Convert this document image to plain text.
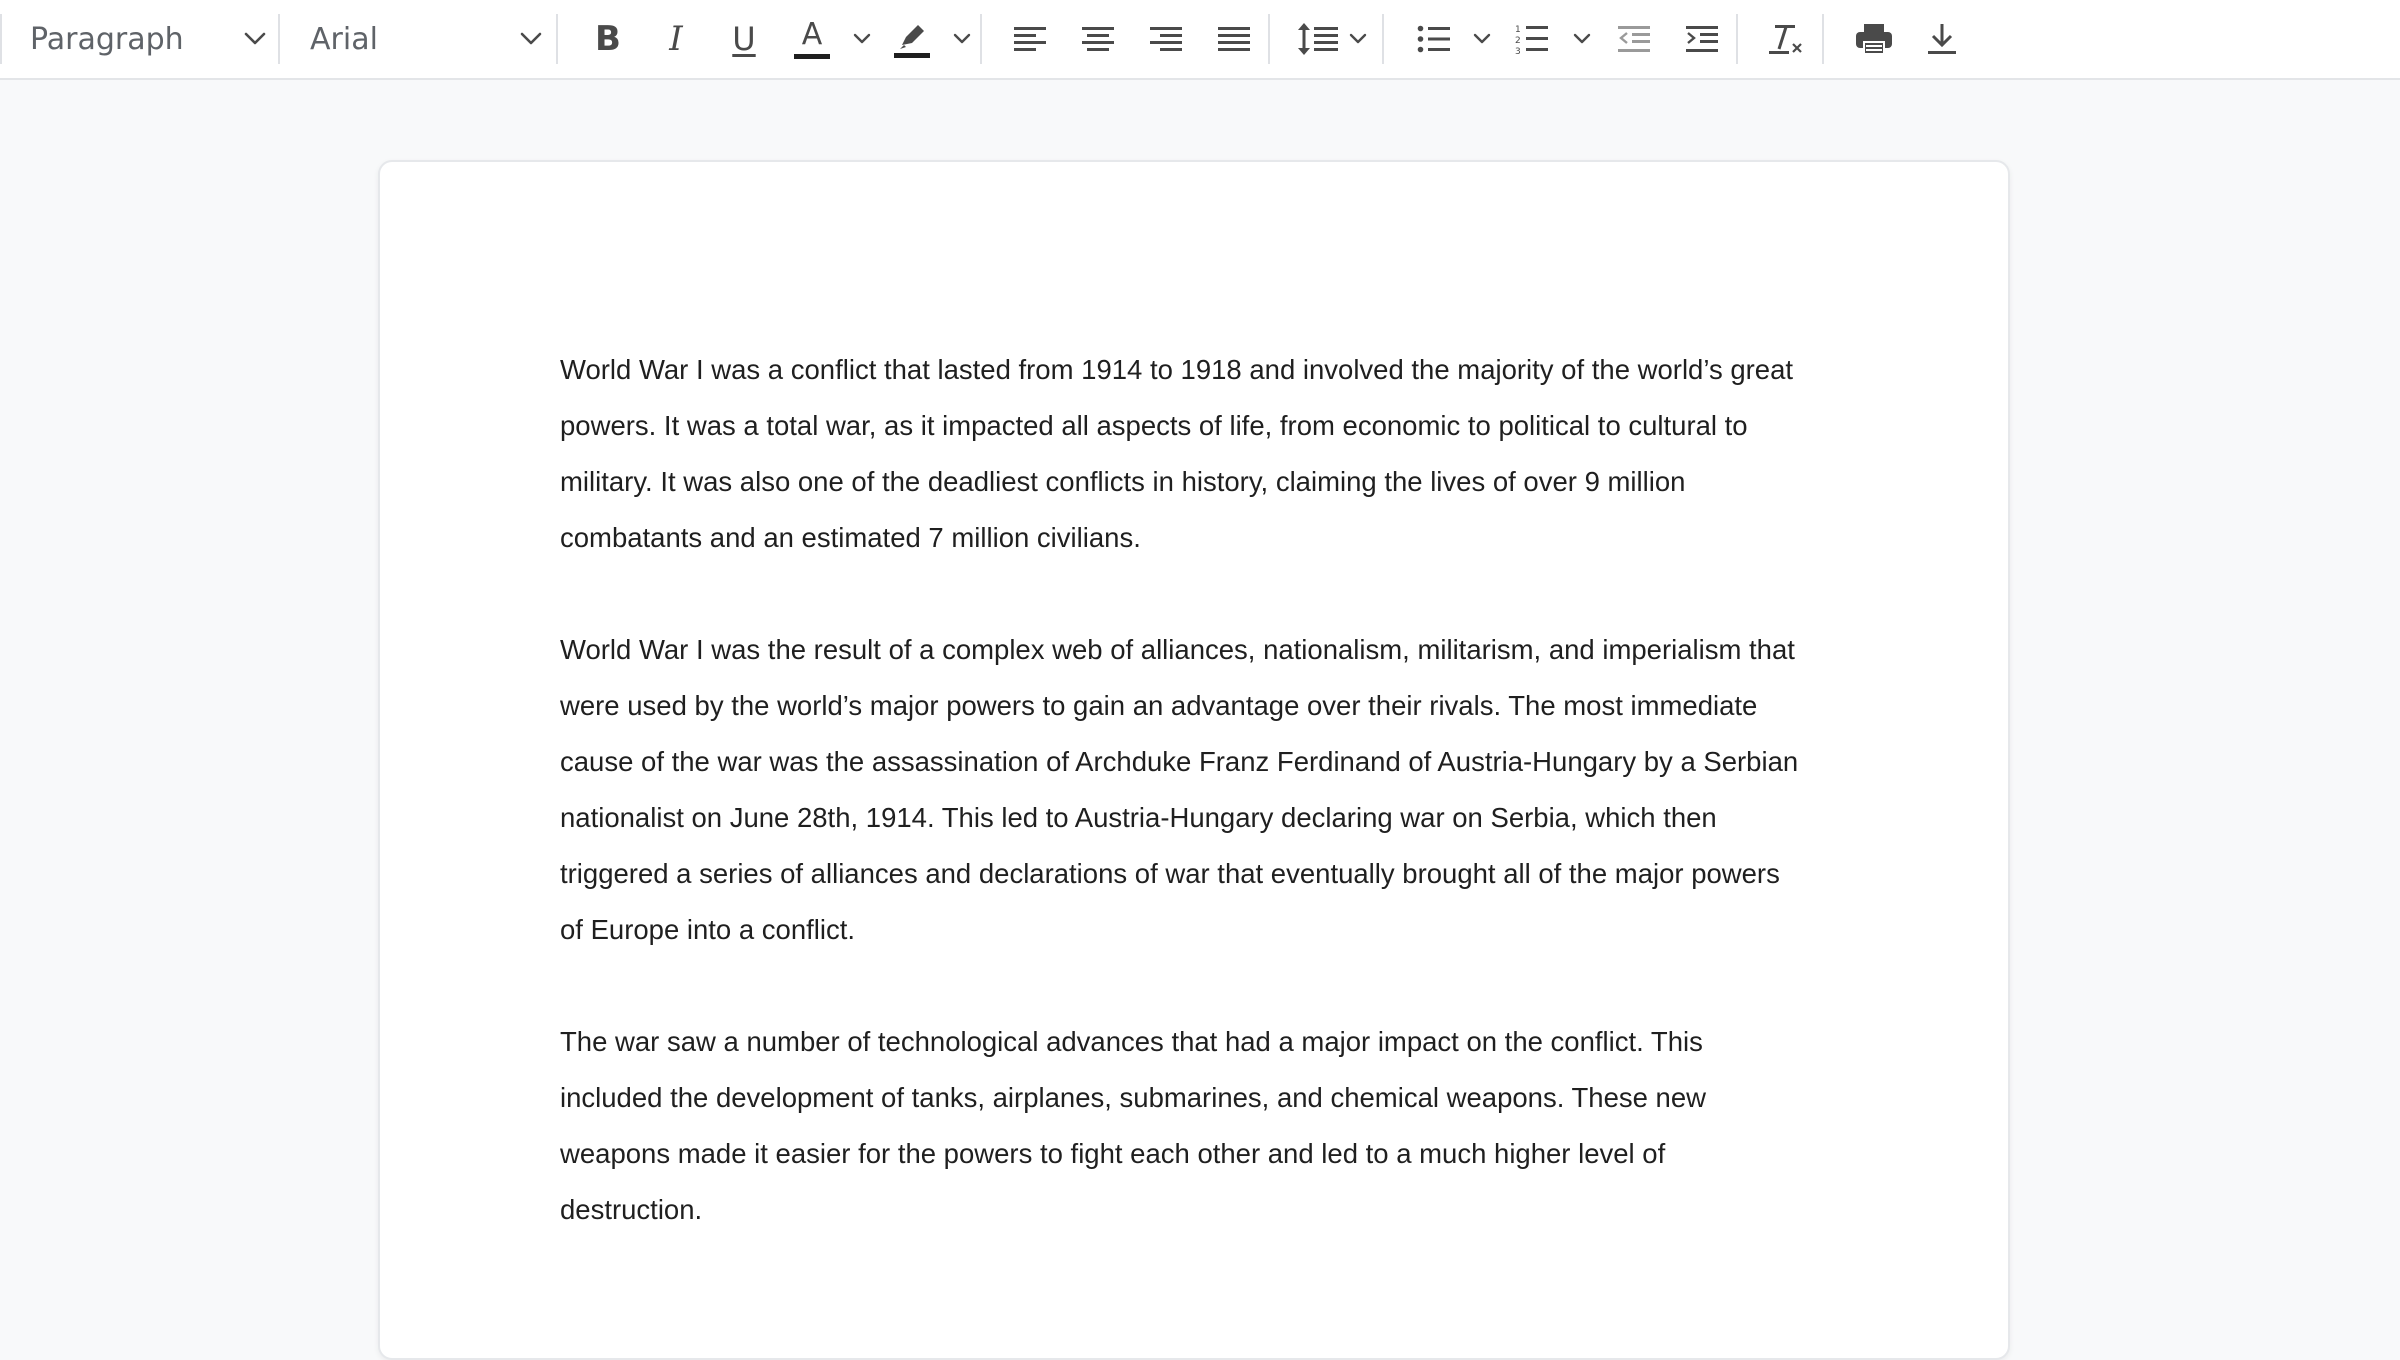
Paragraph	Arial	B I U A	1
2
3

World War I was a conflict that lasted from 1914 to 1918 and involved the majority of the world’s great
powers. It was a total war, as it impacted all aspects of life, from economic to political to cultural to
military. It was also one of the deadliest conflicts in history, claiming the lives of over 9 million
combatants and an estimated 7 million civilians.

World War I was the result of a complex web of alliances, nationalism, militarism, and imperialism that
were used by the world’s major powers to gain an advantage over their rivals. The most immediate
cause of the war was the assassination of Archduke Franz Ferdinand of Austria-Hungary by a Serbian
nationalist on June 28th, 1914. This led to Austria-Hungary declaring war on Serbia, which then
triggered a series of alliances and declarations of war that eventually brought all of the major powers
of Europe into a conflict.

The war saw a number of technological advances that had a major impact on the conflict. This
included the development of tanks, airplanes, submarines, and chemical weapons. These new
weapons made it easier for the powers to fight each other and led to a much higher level of
destruction.
